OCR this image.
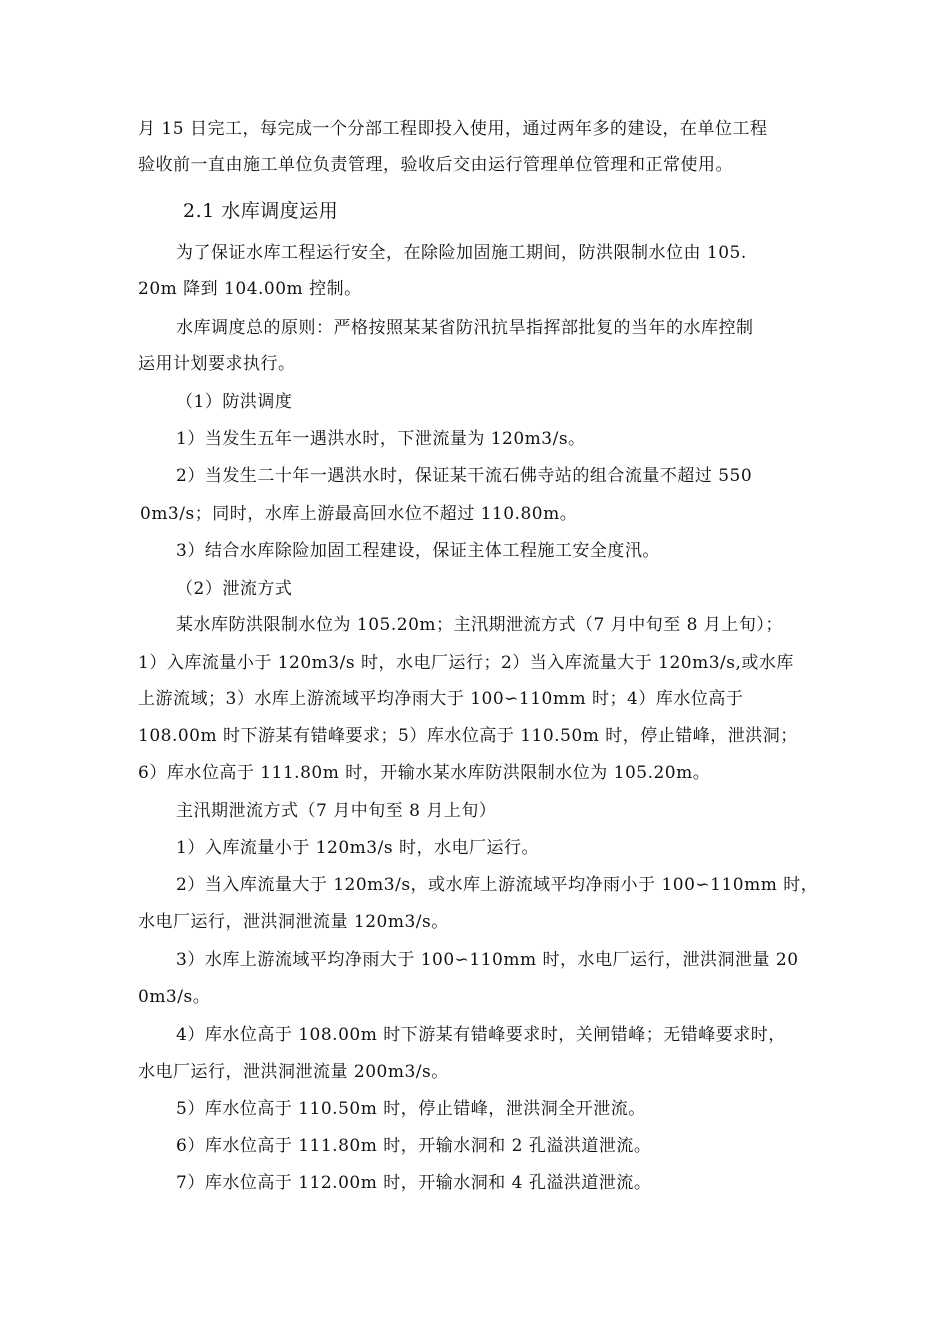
月 15 日完工，每完成一个分部工程即投入使用，通过两年多的建设，在单位工程
验收前一直由施工单位负责管理，验收后交由运行管理单位管理和正常使用。
2.1 水库调度运用
为了保证水库工程运行安全，在除险加固施工期间，防洪限制水位由 105.
20m 降到 104.00m 控制。
水库调度总的原则：严格按照某某省防汛抗旱指挥部批复的当年的水库控制
运用计划要求执行。
（1）防洪调度
1）当发生五年一遇洪水时，下泄流量为 120m3/s。
2）当发生二十年一遇洪水时，保证某干流石佛寺站的组合流量不超过 550
0m3/s；同时，水库上游最高回水位不超过 110.80m。
3）结合水库除险加固工程建设，保证主体工程施工安全度汛。
（2）泄流方式
某水库防洪限制水位为 105.20m；主汛期泄流方式（7 月中旬至 8 月上旬）；
1）入库流量小于 120m3/s 时，水电厂运行；2）当入库流量大于 120m3/s,或水库
上游流域；3）水库上游流域平均净雨大于 100∽110mm 时；4）库水位高于
108.00m 时下游某有错峰要求；5）库水位高于 110.50m 时，停止错峰，泄洪洞；
6）库水位高于 111.80m 时，开输水某水库防洪限制水位为 105.20m。
主汛期泄流方式（7 月中旬至 8 月上旬）
1）入库流量小于 120m3/s 时，水电厂运行。
2）当入库流量大于 120m3/s，或水库上游流域平均净雨小于 100∽110mm 时，
水电厂运行，泄洪洞泄流量 120m3/s。
3）水库上游流域平均净雨大于 100∽110mm 时，水电厂运行，泄洪洞泄量 20
0m3/s。
4）库水位高于 108.00m 时下游某有错峰要求时，关闸错峰；无错峰要求时，
水电厂运行，泄洪洞泄流量 200m3/s。
5）库水位高于 110.50m 时，停止错峰，泄洪洞全开泄流。
6）库水位高于 111.80m 时，开输水洞和 2 孔溢洪道泄流。
7）库水位高于 112.00m 时，开输水洞和 4 孔溢洪道泄流。
